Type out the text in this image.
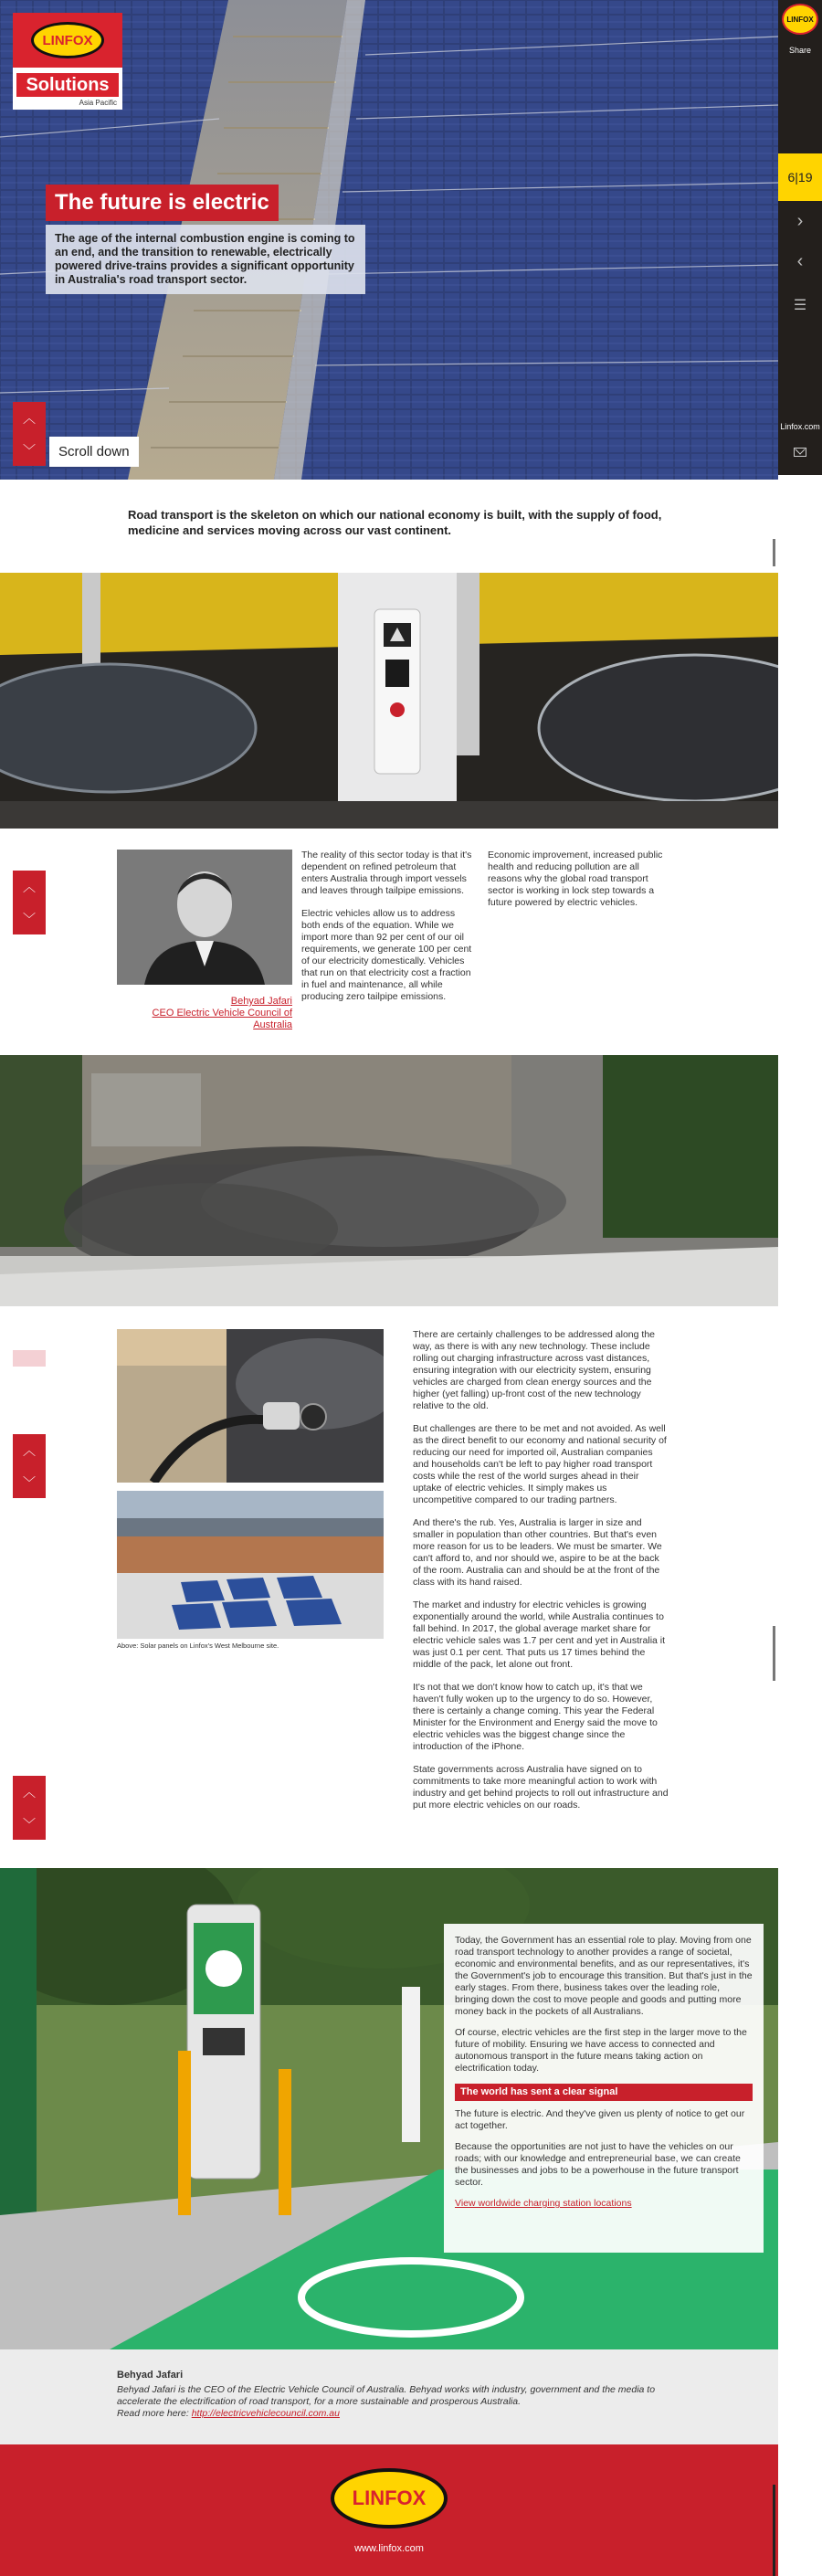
LINFOX
Solutions
Asia Pacific
The future is electric

The age of the internal combustion engine is coming to an end, and the transition to renewable, electrically powered drive-trains provides a significant opportunity in Australia's road transport sector.

︿
﹀	Scroll down

Road transport is the skeleton on which our national economy is built, with the supply of food, medicine and services moving across our vast continent.

︿
﹀
Behyad Jafari
CEO Electric Vehicle Council of Australia

The reality of this sector today is that it's dependent on refined petroleum that enters Australia through import vessels and leaves through tailpipe emissions.

Electric vehicles allow us to address both ends of the equation. While we import more than 92 per cent of our oil requirements, we generate 100 per cent of our electricity domestically. Vehicles that run on that electricity cost a fraction in fuel and maintenance, all while producing zero tailpipe emissions.

Economic improvement, increased public health and reducing pollution are all reasons why the global road transport sector is working in lock step towards a future powered by electric vehicles.

︿
﹀
︿
﹀
Above: Solar panels on Linfox's West Melbourne site.

There are certainly challenges to be addressed along the way, as there is with any new technology. These include rolling out charging infrastructure across vast distances, ensuring integration with our electricity system, ensuring vehicles are charged from clean energy sources and the higher (yet falling) up-front cost of the new technology relative to the old.

But challenges are there to be met and not avoided. As well as the direct benefit to our economy and national security of reducing our need for imported oil, Australian companies and households can't be left to pay higher road transport costs while the rest of the world surges ahead in their uptake of electric vehicles. It simply makes us uncompetitive compared to our trading partners.

And there's the rub. Yes, Australia is larger in size and smaller in population than other countries. But that's even more reason for us to be leaders. We must be smarter. We can't afford to, and nor should we, aspire to be at the back of the room. Australia can and should be at the front of the class with its hand raised.

The market and industry for electric vehicles is growing exponentially around the world, while Australia continues to fall behind. In 2017, the global average market share for electric vehicle sales was 1.7 per cent and yet in Australia it was just 0.1 per cent. That puts us 17 times behind the middle of the pack, let alone out front.

It's not that we don't know how to catch up, it's that we haven't fully woken up to the urgency to do so. However, there is certainly a change coming. This year the Federal Minister for the Environment and Energy said the move to electric vehicles was the biggest change since the introduction of the iPhone.

State governments across Australia have signed on to commitments to take more meaningful action to work with industry and get behind projects to roll out infrastructure and put more electric vehicles on our roads.

Today, the Government has an essential role to play. Moving from one road transport technology to another provides a range of societal, economic and environmental benefits, and as our representatives, it's the Government's job to encourage this transition. But that's just in the early stages. From there, business takes over the leading role, bringing down the cost to move people and goods and putting more money back in the pockets of all Australians.

Of course, electric vehicles are the first step in the larger move to the future of mobility. Ensuring we have access to connected and autonomous transport in the future means taking action on electrification today.

The world has sent a clear signal

The future is electric. And they've given us plenty of notice to get our act together.

Because the opportunities are not just to have the vehicles on our roads; with our knowledge and entrepreneurial base, we can create the businesses and jobs to be a powerhouse in the future transport sector.

View worldwide charging station locations

Behyad Jafari
Behyad Jafari is the CEO of the Electric Vehicle Council of Australia. Behyad works with industry, government and the media to accelerate the electrification of road transport, for a more sustainable and prosperous Australia.
Read more here: http://electricvehiclecouncil.com.au
LINFOX
www.linfox.com
LINFOX
Share
6|19
›
‹
☰
Linfox.com
